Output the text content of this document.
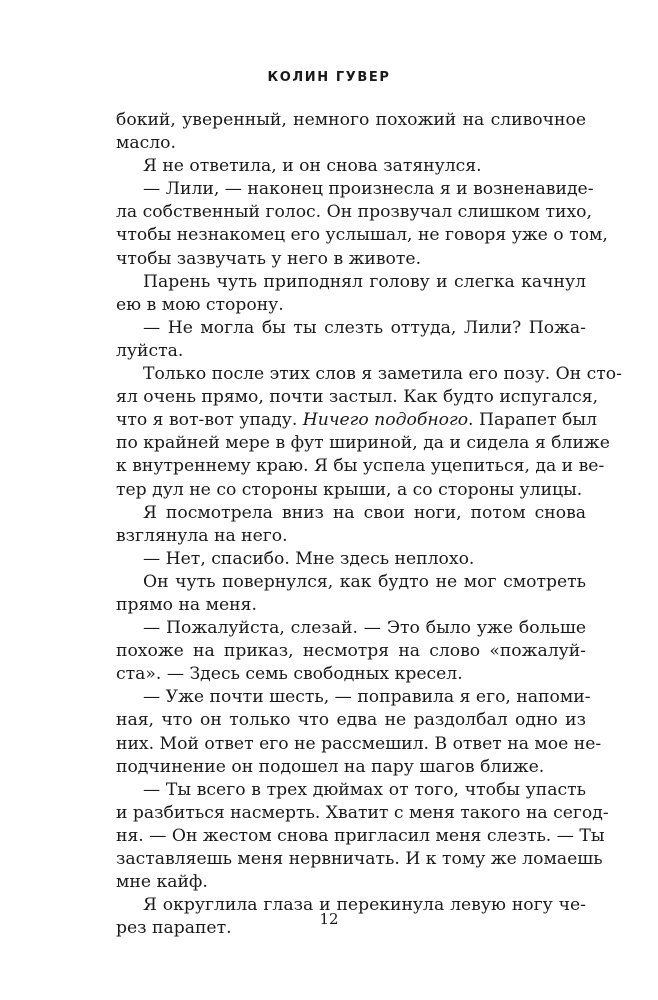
КОЛИН ГУВЕР
бокий, уверенный, немного похожий на сливочное
масло.
Я не ответила, и он снова затянулся.
— Лили, — наконец произнесла я и возненавиде-
ла собственный голос. Он прозвучал слишком тихо,
чтобы незнакомец его услышал, не говоря уже о том,
чтобы зазвучать у него в животе.
Парень чуть приподнял голову и слегка качнул
ею в мою сторону.
— Не могла бы ты слезть оттуда, Лили? Пожа-
луйста.
Только после этих слов я заметила его позу. Он сто-
ял очень прямо, почти застыл. Как будто испугался,
что я вот-вот упаду. Ничего подобного. Парапет был
по крайней мере в фут шириной, да и сидела я ближе
к внутреннему краю. Я бы успела уцепиться, да и ве-
тер дул не со стороны крыши, а со стороны улицы.
Я посмотрела вниз на свои ноги, потом снова
взглянула на него.
— Нет, спасибо. Мне здесь неплохо.
Он чуть повернулся, как будто не мог смотреть
прямо на меня.
— Пожалуйста, слезай. — Это было уже больше
похоже на приказ, несмотря на слово «пожалуй-
ста». — Здесь семь свободных кресел.
— Уже почти шесть, — поправила я его, напоми-
ная, что он только что едва не раздолбал одно из
них. Мой ответ его не рассмешил. В ответ на мое не-
подчинение он подошел на пару шагов ближе.
— Ты всего в трех дюймах от того, чтобы упасть
и разбиться насмерть. Хватит с меня такого на сегод-
ня. — Он жестом снова пригласил меня слезть. — Ты
заставляешь меня нервничать. И к тому же ломаешь
мне кайф.
Я округлила глаза и перекинула левую ногу че-
рез парапет.	12
